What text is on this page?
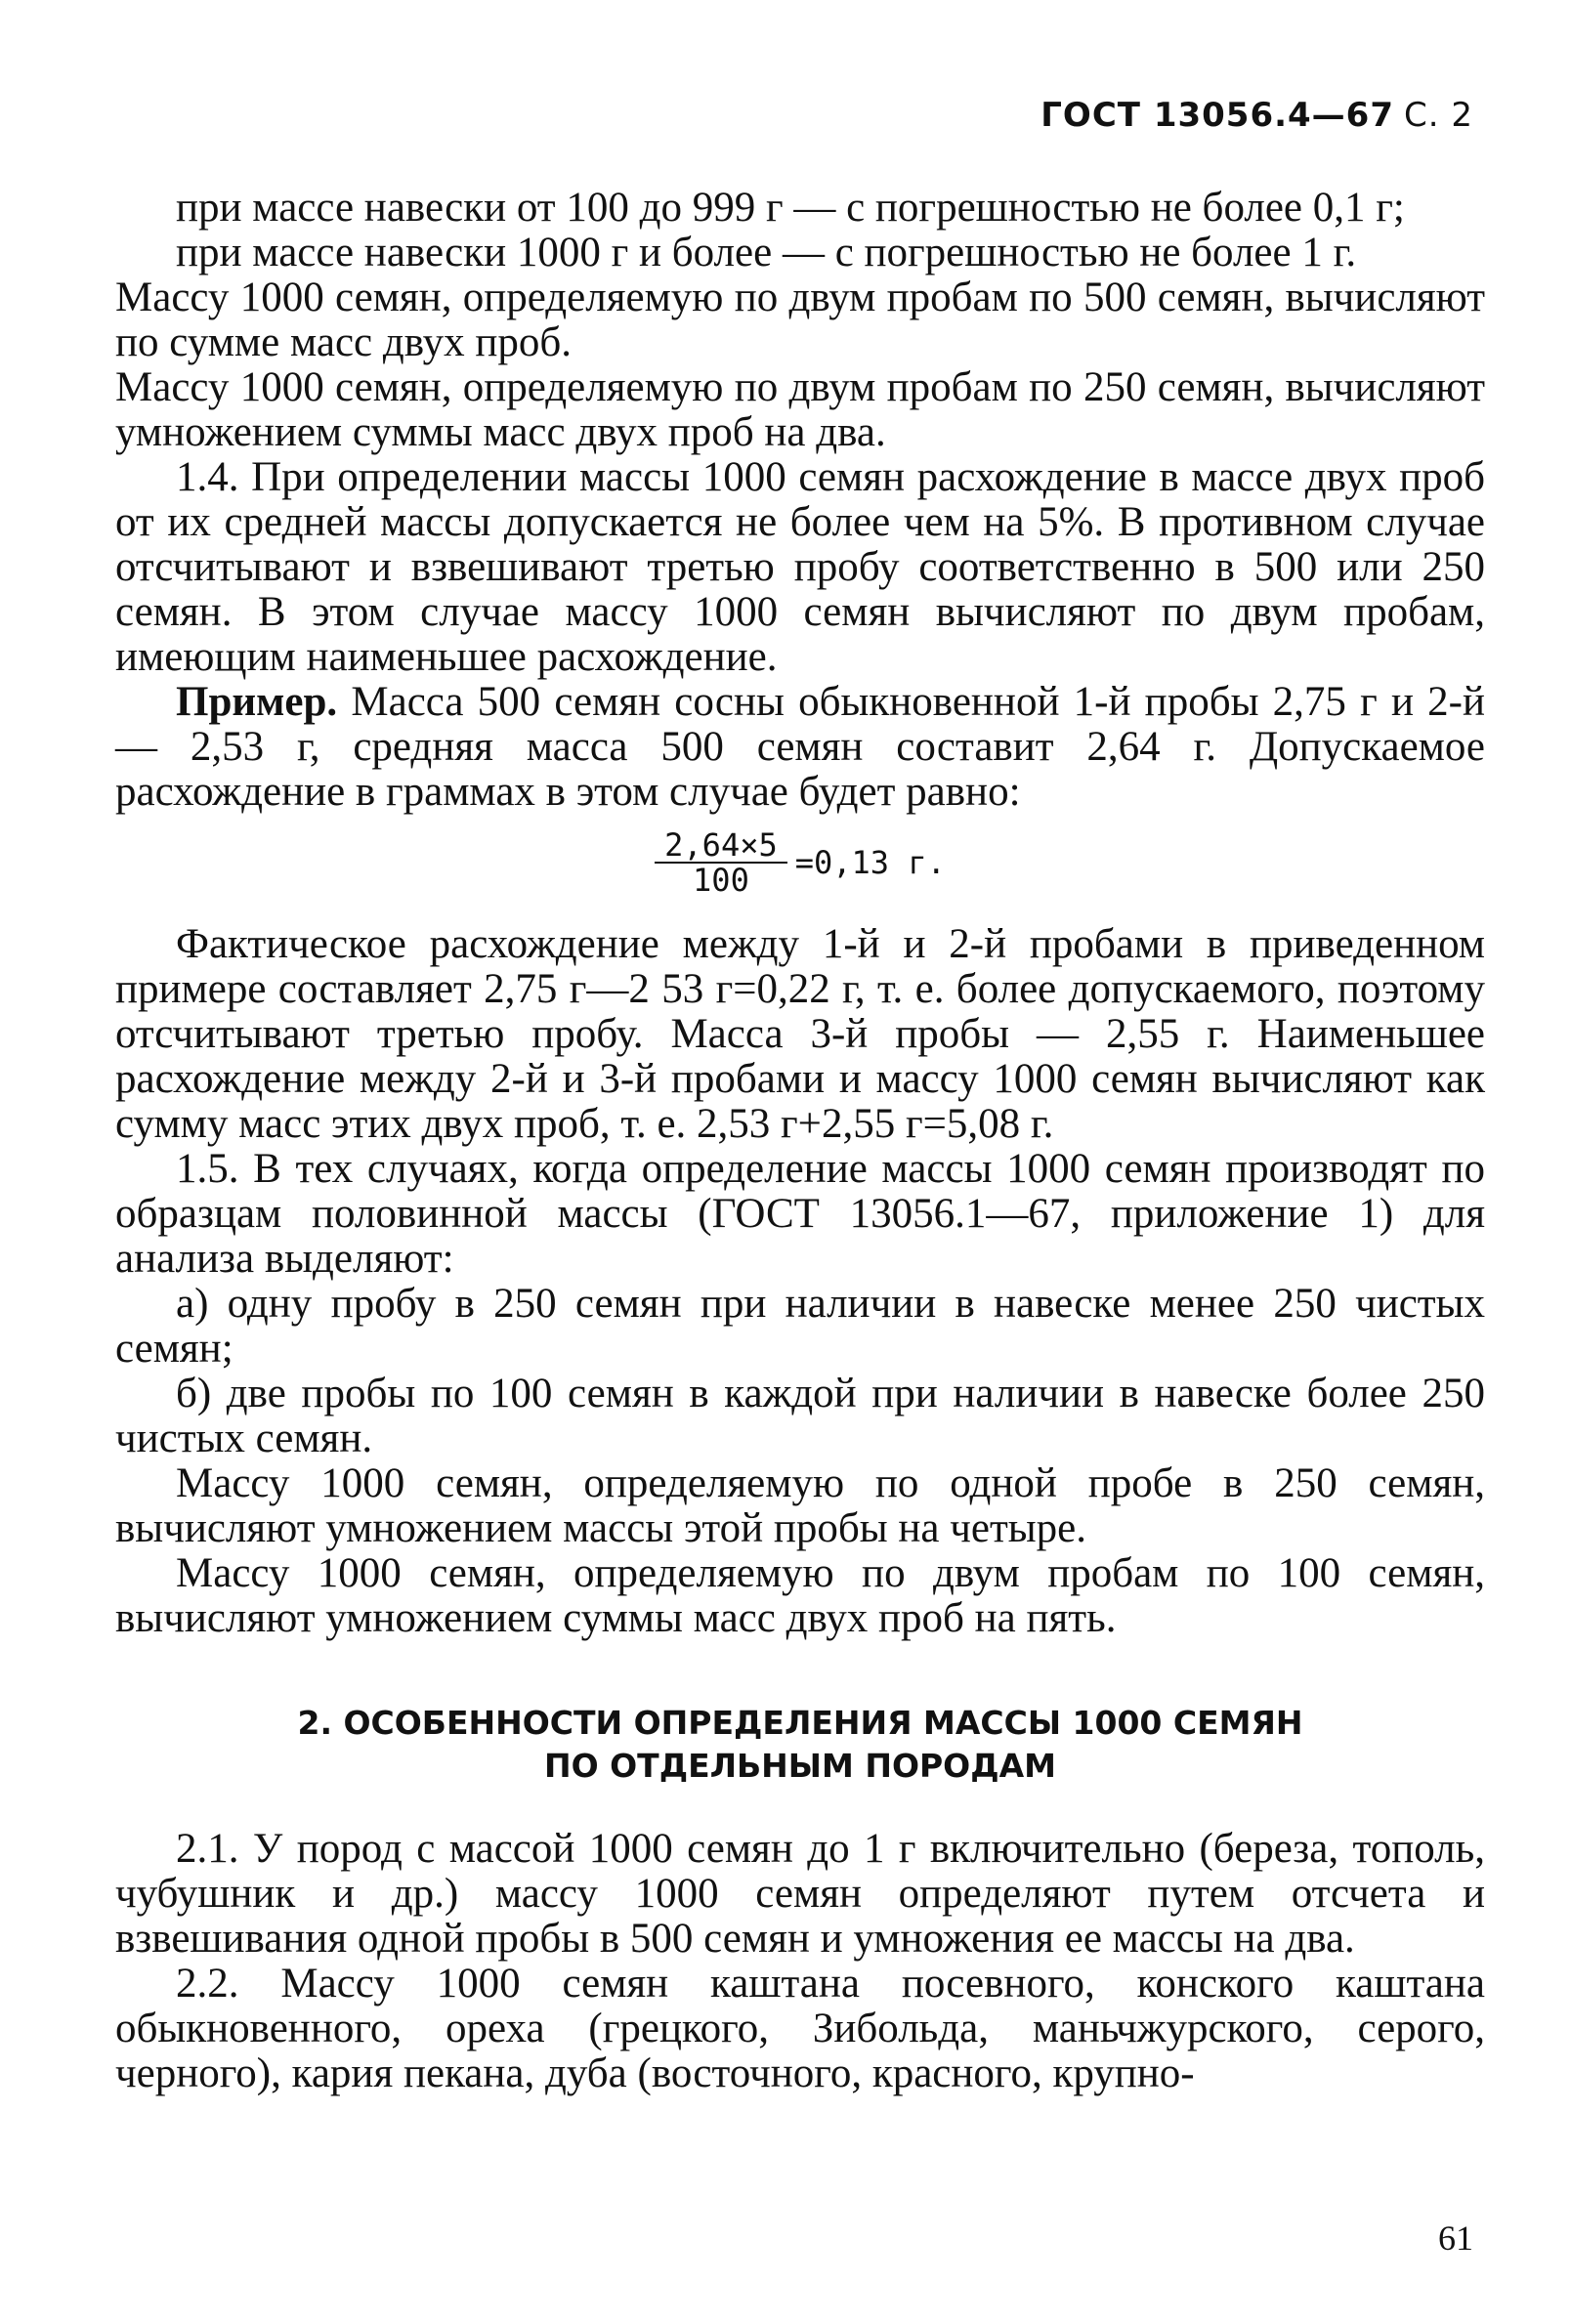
ГОСТ 13056.4—67 С. 2

при массе навески от 100 до 999 г — с погрешностью не более 0,1 г;

при массе навески 1000 г и более — с погрешностью не более 1 г.

Массу 1000 семян, определяемую по двум пробам по 500 семян, вычисляют по сумме масс двух проб.

Массу 1000 семян, определяемую по двум пробам по 250 семян, вычисляют умножением суммы масс двух проб на два.

1.4. При определении массы 1000 семян расхождение в массе двух проб от их средней массы допускается не более чем на 5%. В противном случае отсчитывают и взвешивают третью пробу соответственно в 500 или 250 семян. В этом случае массу 1000 семян вычисляют по двум пробам, имеющим наименьшее расхождение.

Пример. Масса 500 семян сосны обыкновенной 1-й пробы 2,75 г и 2-й — 2,53 г, средняя масса 500 семян составит 2,64 г. Допускаемое расхождение в граммах в этом случае будет равно:

$\frac{2,64\times 5}{100} =0,13$ г.

Фактическое расхождение между 1-й и 2-й пробами в приведенном примере составляет 2,75 г—2 53 г=0,22 г, т. е. более допускаемого, поэтому отсчитывают третью пробу. Масса 3-й пробы — 2,55 г. Наименьшее расхождение между 2-й и 3-й пробами и массу 1000 семян вычисляют как сумму масс этих двух проб, т. е. 2,53 г+2,55 г=5,08 г.

1.5. В тех случаях, когда определение массы 1000 семян производят по образцам половинной массы (ГОСТ 13056.1—67, приложение 1) для анализа выделяют:

а) одну пробу в 250 семян при наличии в навеске менее 250 чистых семян;

б) две пробы по 100 семян в каждой при наличии в навеске более 250 чистых семян.

Массу 1000 семян, определяемую по одной пробе в 250 семян, вычисляют умножением массы этой пробы на четыре.

Массу 1000 семян, определяемую по двум пробам по 100 семян, вычисляют умножением суммы масс двух проб на пять.

2. ОСОБЕННОСТИ ОПРЕДЕЛЕНИЯ МАССЫ 1000 СЕМЯН
ПО ОТДЕЛЬНЫМ ПОРОДАМ

2.1. У пород с массой 1000 семян до 1 г включительно (береза, тополь, чубушник и др.) массу 1000 семян определяют путем отсчета и взвешивания одной пробы в 500 семян и умножения ее массы на два.

2.2. Массу 1000 семян каштана посевного, конского каштана обыкновенного, ореха (грецкого, Зибольда, маньчжурского, серого, черного), кария пекана, дуба (восточного, красного, крупно-

61
